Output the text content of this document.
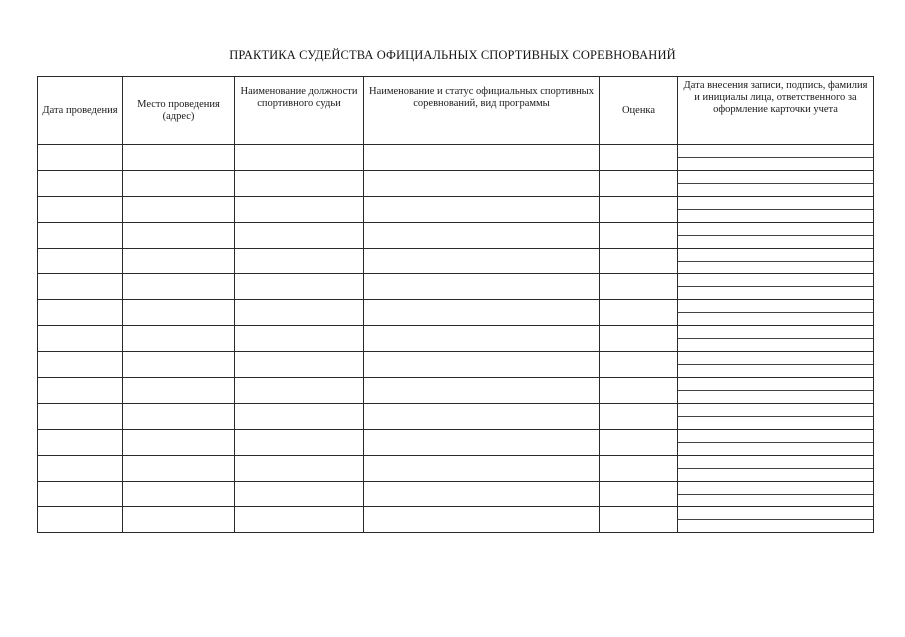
ПРАКТИКА СУДЕЙСТВА ОФИЦИАЛЬНЫХ СПОРТИВНЫХ СОРЕВНОВАНИЙ
Дата проведения	Место проведения (адрес)	Наименование должности спортивного судьи	Наименование и статус официальных спортивных соревнований, вид программы	Оценка	Дата внесения записи, подпись, фамилия и инициалы лица, ответственного за оформление карточки учета
